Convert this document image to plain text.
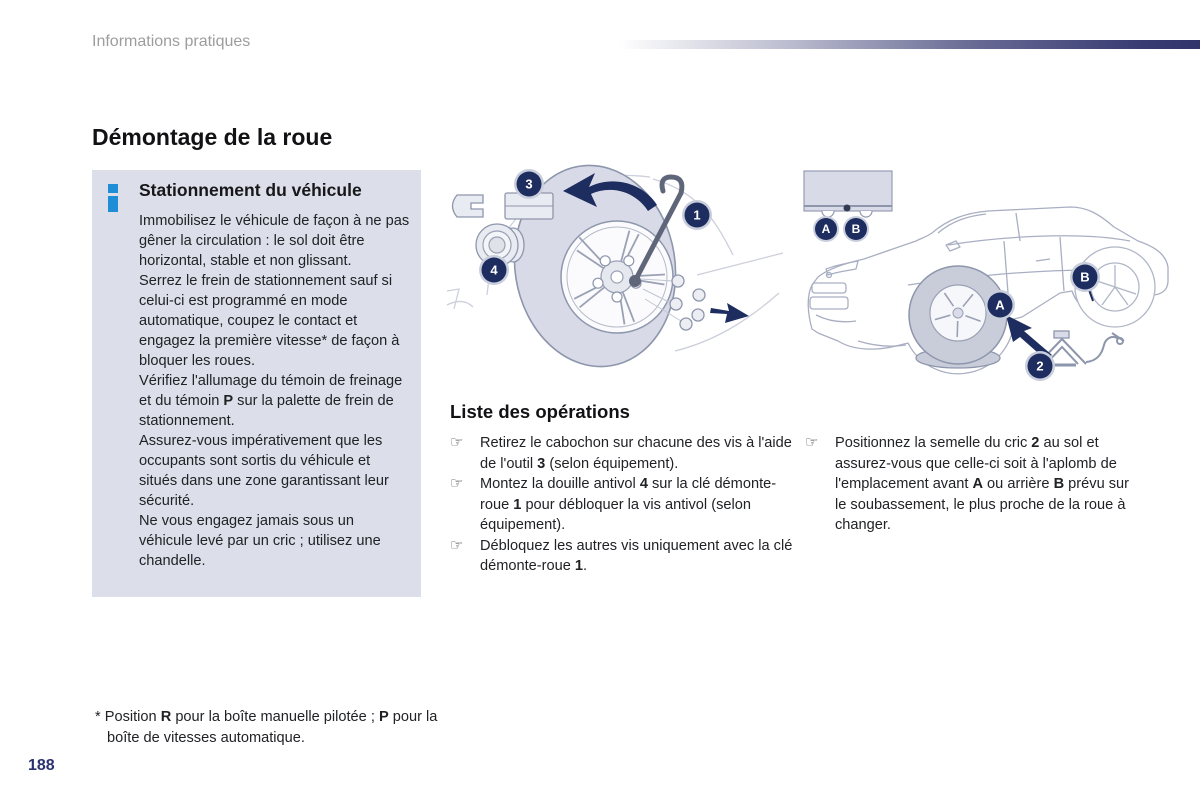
Informations pratiques
Démontage de la roue
Stationnement du véhicule

Immobilisez le véhicule de façon à ne pas gêner la circulation : le sol doit être horizontal, stable et non glissant.

Serrez le frein de stationnement sauf si celui-ci est programmé en mode automatique, coupez le contact et engagez la première vitesse* de façon à bloquer les roues.

Vérifiez l'allumage du témoin de freinage et du témoin P sur la palette de frein de stationnement.

Assurez-vous impérativement que les occupants sont sortis du véhicule et situés dans une zone garantissant leur sécurité.

Ne vous engagez jamais sous un véhicule levé par un cric ; utilisez une chandelle.

3
1
4
A B
B
A
2
Liste des opérations
☞	Retirez le cabochon sur chacune des vis à l'aide de l'outil 3 (selon équipement).
☞	Montez la douille antivol 4 sur la clé démonte-roue 1 pour débloquer la vis antivol (selon équipement).
☞	Débloquez les autres vis uniquement avec la clé démonte-roue 1.
☞	Positionnez la semelle du cric 2 au sol et assurez-vous que celle-ci soit à l'aplomb de l'emplacement avant A ou arrière B prévu sur le soubassement, le plus proche de la roue à changer.
* Position R pour la boîte manuelle pilotée ; P pour la boîte de vitesses automatique.
188
